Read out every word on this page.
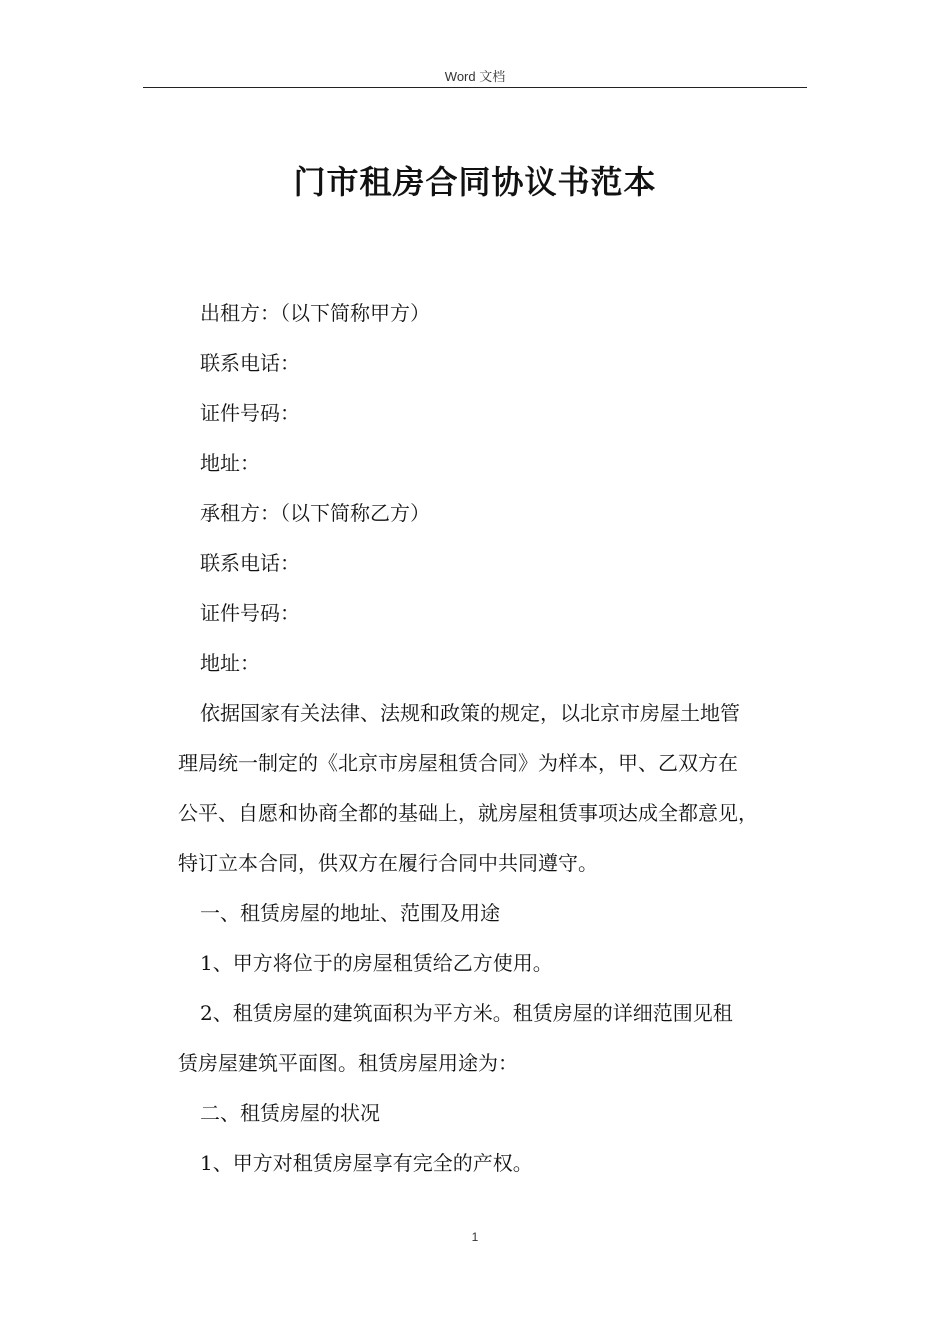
Word 文档
门市租房合同协议书范本

出租方：（以下简称甲方）

联系电话：

证件号码：

地址：

承租方：（以下简称乙方）

联系电话：

证件号码：

地址：

依据国家有关法律、法规和政策的规定，以北京市房屋土地管

理局统一制定的《北京市房屋租赁合同》为样本，甲、乙双方在

公平、自愿和协商全都的基础上，就房屋租赁事项达成全都意见，

特订立本合同，供双方在履行合同中共同遵守。

一、租赁房屋的地址、范围及用途

1、甲方将位于的房屋租赁给乙方使用。

2、租赁房屋的建筑面积为平方米。租赁房屋的详细范围见租

赁房屋建筑平面图。租赁房屋用途为：

二、租赁房屋的状况

1、甲方对租赁房屋享有完全的产权。

1
